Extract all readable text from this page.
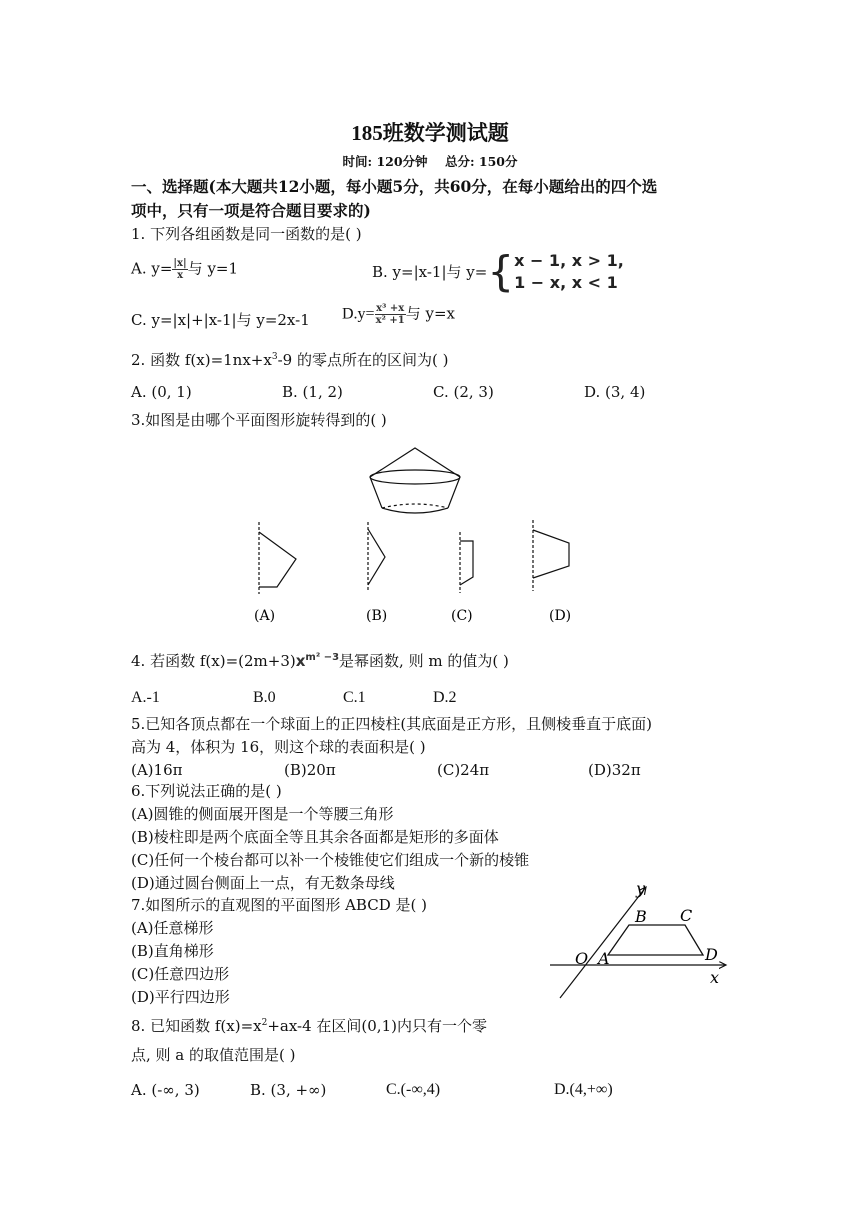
185班数学测试题
时间: 120分钟    总分: 150分
一、选择题(本大题共12小题，每小题5分，共60分，在每小题给出的四个选
项中，只有一项是符合题目要求的)
1. 下列各组函数是同一函数的是( )
A. $y= \frac{|x|}{x}$ 与 y=1	B. y=|x-1|与 y={ x − 1, x > 1,
1 − x, x < 1
C. y=|x|+|x-1|与 y=2x-1 $D.y= \frac{\text{x³ +x}}{\text{x² +1}}$ 与 y=x
2. 函数 $f(x)=1nx+x^3-9$ 的零点所在的区间为( )
A. (0, 1)	B. (1, 2)	C. (2, 3)	D. (3, 4)
3.如图是由哪个平面图形旋转得到的( )
(A)	(B)	(C)	(D)
4. 若函数 $f(x)=(2m+3)x^{m^2 -3}$是幂函数, 则 m 的值为( )
A.-1	B.0	C.1	D.2
5.已知各顶点都在一个球面上的正四棱柱(其底面是正方形，且侧棱垂直于底面)
高为 4，体积为 16，则这个球的表面积是( )
(A)16π	(B)20π	(C)24π	(D)32π
6.下列说法正确的是( )
(A)圆锥的侧面展开图是一个等腰三角形
(B)棱柱即是两个底面全等且其余各面都是矩形的多面体
(C)任何一个棱台都可以补一个棱锥使它们组成一个新的棱锥
(D)通过圆台侧面上一点，有无数条母线
7.如图所示的直观图的平面图形 ABCD 是( )
(A)任意梯形
(B)直角梯形
(C)任意四边形
(D)平行四边形
y
x
O A
B C
D
8. 已知函数 $f(x)=x^2+ax-4$ 在区间(0,1)内只有一个零
点, 则 a 的取值范围是( )
A. (-∞, 3)	B. (3, +∞)	C.(-∞,4)	D.(4,+∞)
